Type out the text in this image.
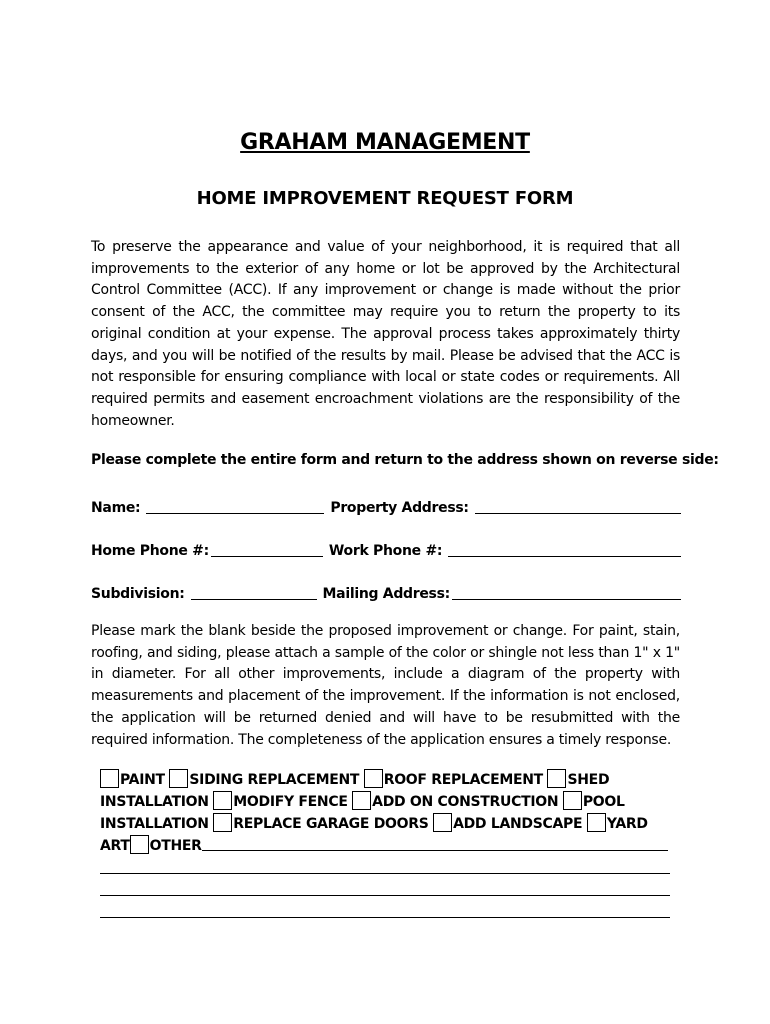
GRAHAM MANAGEMENT
HOME IMPROVEMENT REQUEST FORM
To preserve the appearance and value of your neighborhood, it is required that all improvements to the exterior of any home or lot be approved by the Architectural Control Committee (ACC). If any improvement or change is made without the prior consent of the ACC, the committee may require you to return the property to its original condition at your expense. The approval process takes approximately thirty days, and you will be notified of the results by mail. Please be advised that the ACC is not responsible for ensuring compliance with local or state codes or requirements. All required permits and easement encroachment violations are the responsibility of the homeowner.
Please complete the entire form and return to the address shown on reverse side:
Name:	Property Address:
Home Phone #:	Work Phone #:
Subdivision:	Mailing Address:
Please mark the blank beside the proposed improvement or change. For paint, stain, roofing, and siding, please attach a sample of the color or shingle not less than 1" x 1" in diameter. For all other improvements, include a diagram of the property with measurements and placement of the improvement. If the information is not enclosed, the application will be returned denied and will have to be resubmitted with the required information. The completeness of the application ensures a timely response.
PAINT SIDING REPLACEMENT ROOF REPLACEMENT SHED
INSTALLATION MODIFY FENCE ADD ON CONSTRUCTION POOL
INSTALLATION REPLACE GARAGE DOORS ADD LANDSCAPE YARD
ART OTHER
